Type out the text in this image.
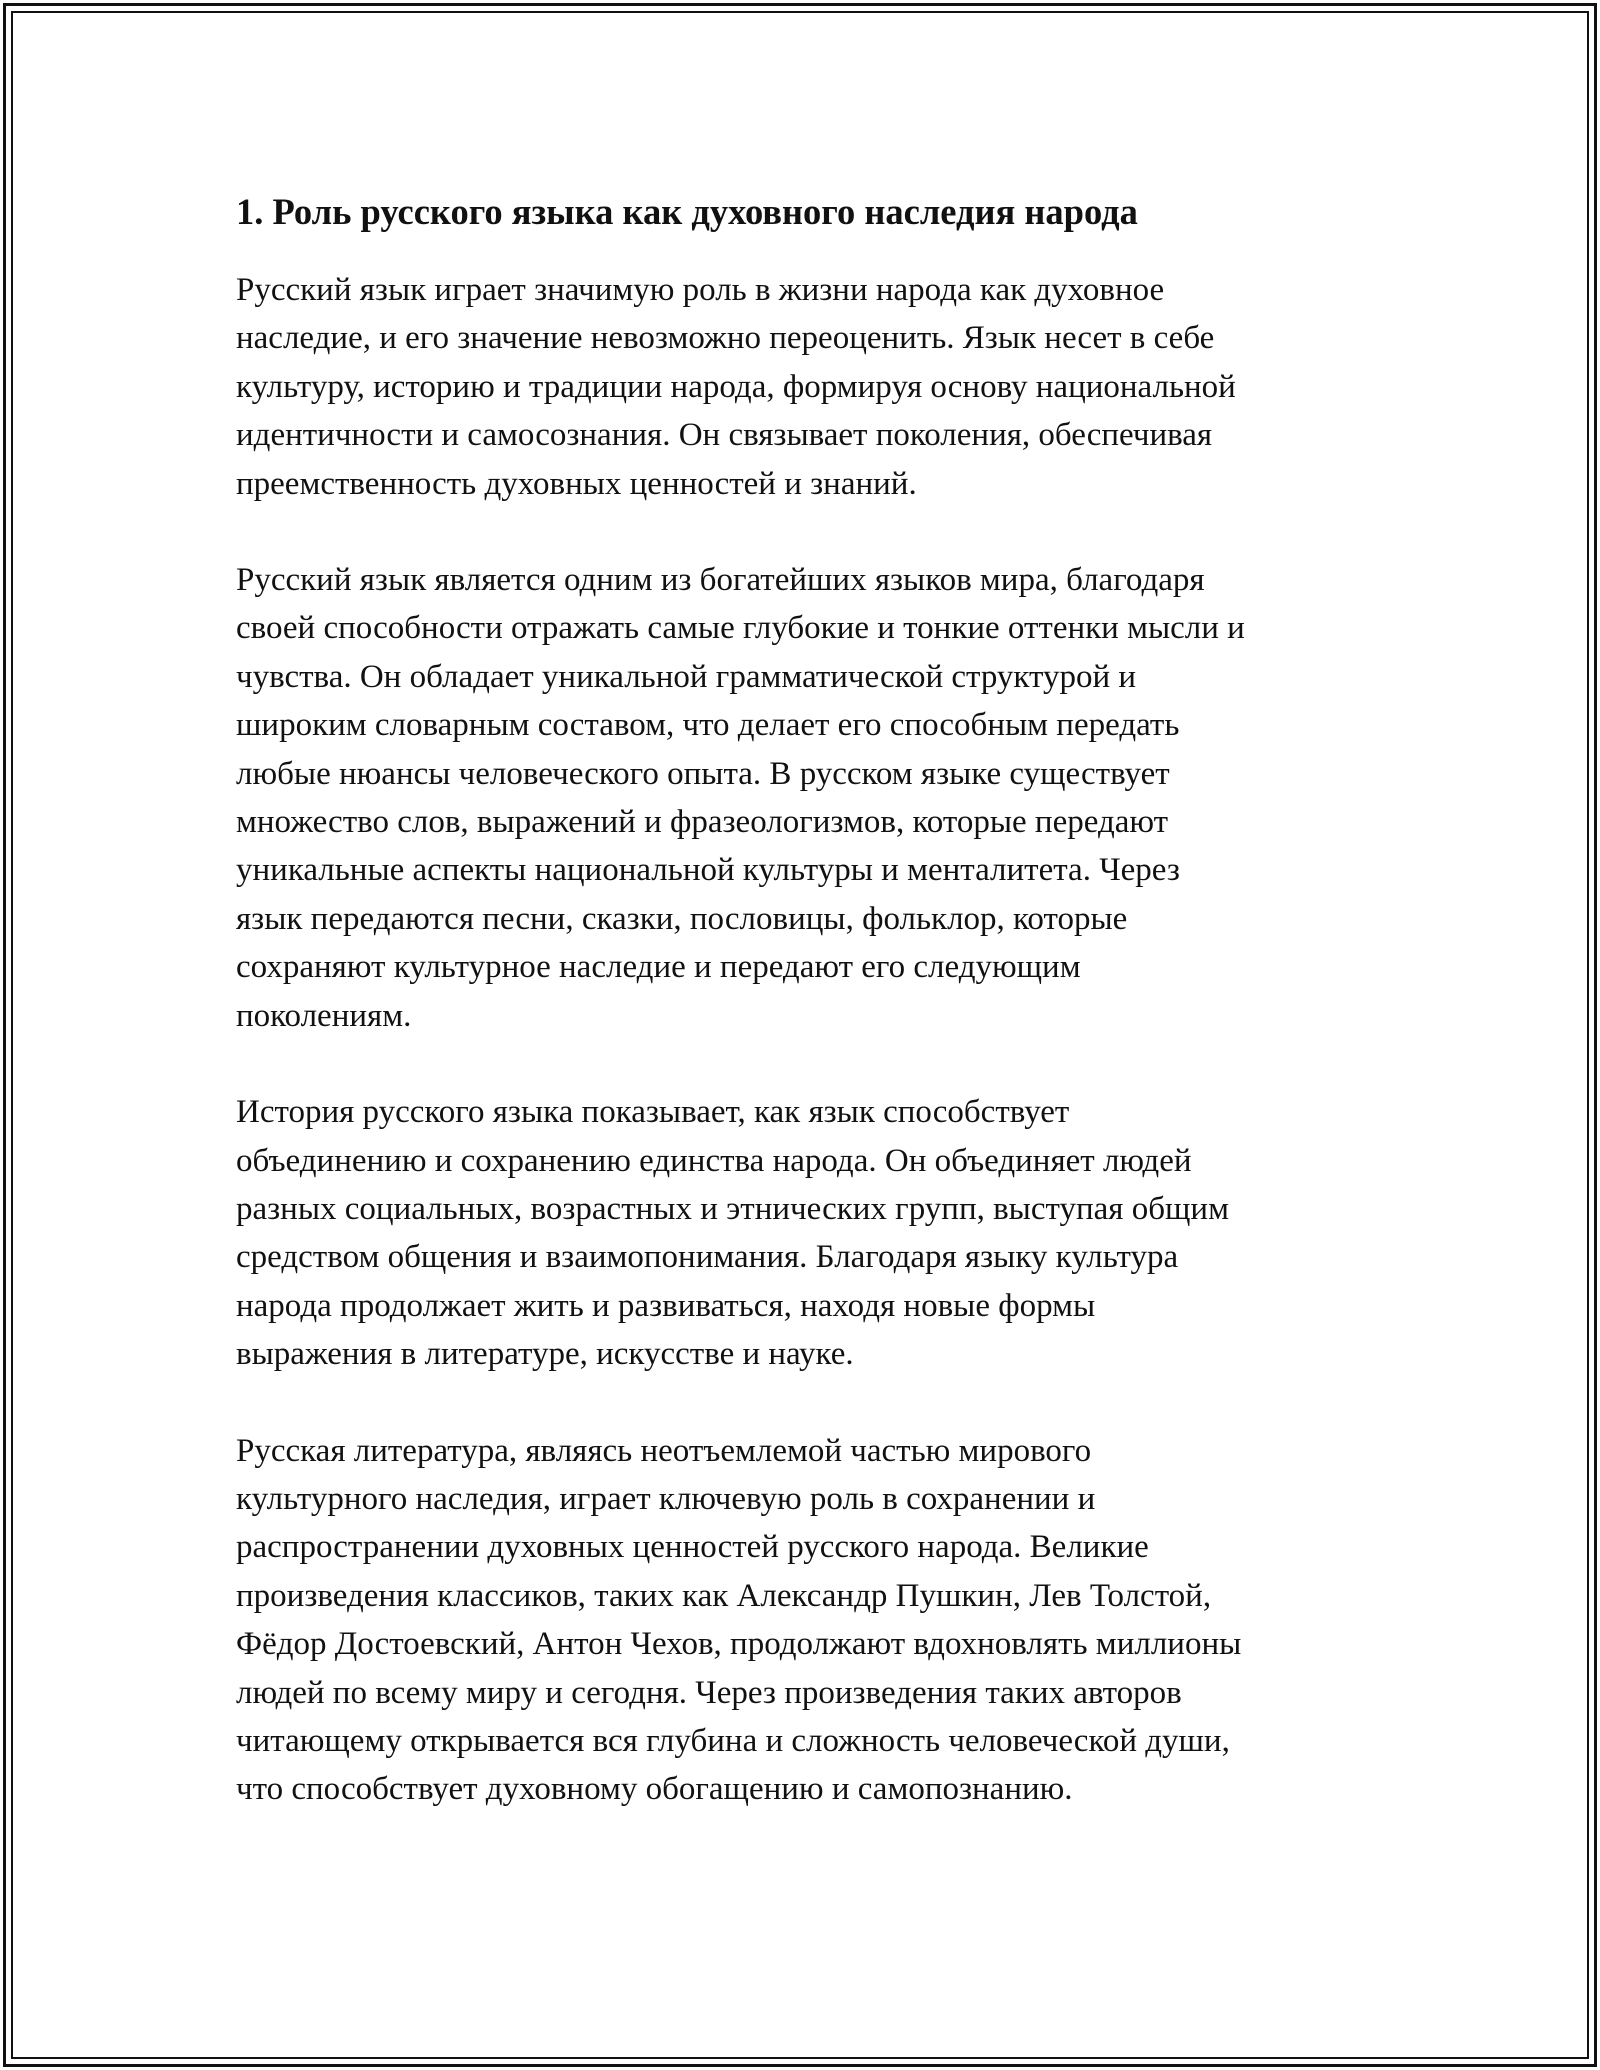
1. Роль русского языка как духовного наследия народа

Русский язык играет значимую роль в жизни народа как духовное
наследие, и его значение невозможно переоценить. Язык несет в себе
культуру, историю и традиции народа, формируя основу национальной
идентичности и самосознания. Он связывает поколения, обеспечивая
преемственность духовных ценностей и знаний.

Русский язык является одним из богатейших языков мира, благодаря
своей способности отражать самые глубокие и тонкие оттенки мысли и
чувства. Он обладает уникальной грамматической структурой и
широким словарным составом, что делает его способным передать
любые нюансы человеческого опыта. В русском языке существует
множество слов, выражений и фразеологизмов, которые передают
уникальные аспекты национальной культуры и менталитета. Через
язык передаются песни, сказки, пословицы, фольклор, которые
сохраняют культурное наследие и передают его следующим
поколениям.

История русского языка показывает, как язык способствует
объединению и сохранению единства народа. Он объединяет людей
разных социальных, возрастных и этнических групп, выступая общим
средством общения и взаимопонимания. Благодаря языку культура
народа продолжает жить и развиваться, находя новые формы
выражения в литературе, искусстве и науке.

Русская литература, являясь неотъемлемой частью мирового
культурного наследия, играет ключевую роль в сохранении и
распространении духовных ценностей русского народа. Великие
произведения классиков, таких как Александр Пушкин, Лев Толстой,
Фёдор Достоевский, Антон Чехов, продолжают вдохновлять миллионы
людей по всему миру и сегодня. Через произведения таких авторов
читающему открывается вся глубина и сложность человеческой души,
что способствует духовному обогащению и самопознанию.
